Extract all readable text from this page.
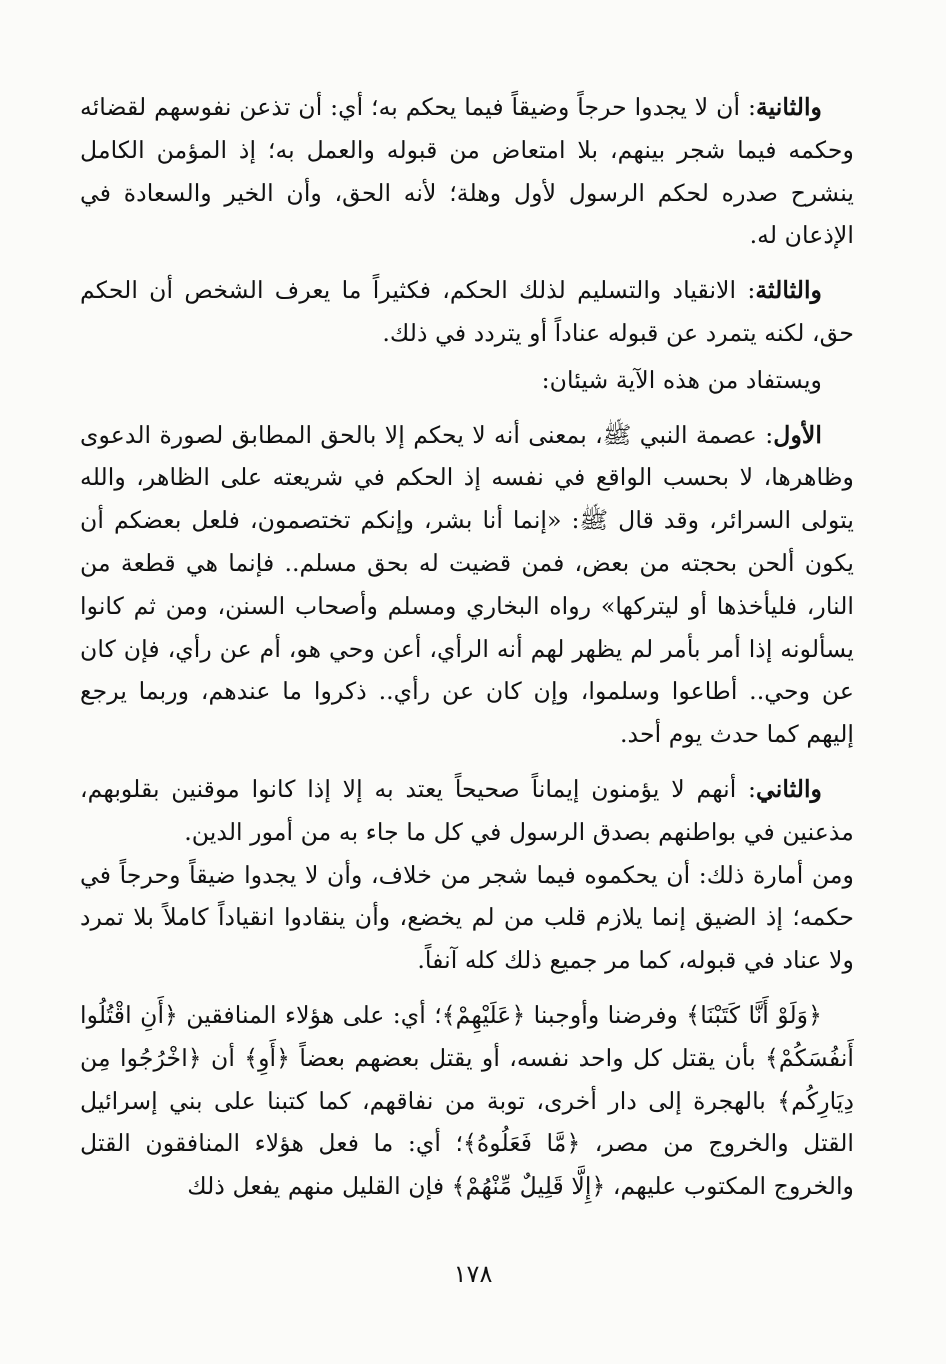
والثانية: أن لا يجدوا حرجاً وضيقاً فيما يحكم به؛ أي: أن تذعن نفوسهم لقضائه وحكمه فيما شجر بينهم، بلا امتعاض من قبوله والعمل به؛ إذ المؤمن الكامل ينشرح صدره لحكم الرسول لأول وهلة؛ لأنه الحق، وأن الخير والسعادة في الإذعان له.

والثالثة: الانقياد والتسليم لذلك الحكم، فكثيراً ما يعرف الشخص أن الحكم حق، لكنه يتمرد عن قبوله عناداً أو يتردد في ذلك.

ويستفاد من هذه الآية شيئان:

الأول: عصمة النبي ﷺ، بمعنى أنه لا يحكم إلا بالحق المطابق لصورة الدعوى وظاهرها، لا بحسب الواقع في نفسه إذ الحكم في شريعته على الظاهر، والله يتولى السرائر، وقد قال ﷺ: «إنما أنا بشر، وإنكم تختصمون، فلعل بعضكم أن يكون ألحن بحجته من بعض، فمن قضيت له بحق مسلم.. فإنما هي قطعة من النار، فليأخذها أو ليتركها» رواه البخاري ومسلم وأصحاب السنن، ومن ثم كانوا يسألونه إذا أمر بأمر لم يظهر لهم أنه الرأي، أعن وحي هو، أم عن رأي، فإن كان عن وحي.. أطاعوا وسلموا، وإن كان عن رأي.. ذكروا ما عندهم، وربما يرجع إليهم كما حدث يوم أحد.

والثاني: أنهم لا يؤمنون إيماناً صحيحاً يعتد به إلا إذا كانوا موقنين بقلوبهم، مذعنين في بواطنهم بصدق الرسول في كل ما جاء به من أمور الدين.

ومن أمارة ذلك: أن يحكموه فيما شجر من خلاف، وأن لا يجدوا ضيقاً وحرجاً في حكمه؛ إذ الضيق إنما يلازم قلب من لم يخضع، وأن ينقادوا انقياداً كاملاً بلا تمرد ولا عناد في قبوله، كما مر جميع ذلك كله آنفاً.

﴿وَلَوْ أَنَّا كَتَبْنَا﴾ وفرضنا وأوجبنا ﴿عَلَيْهِمْ﴾؛ أي: على هؤلاء المنافقين ﴿أَنِ اقْتُلُوا أَنفُسَكُمْ﴾ بأن يقتل كل واحد نفسه، أو يقتل بعضهم بعضاً ﴿أَوِ﴾ أن ﴿اخْرُجُوا مِن دِيَارِكُم﴾ بالهجرة إلى دار أخرى، توبة من نفاقهم، كما كتبنا على بني إسرائيل القتل والخروج من مصر، ﴿مَّا فَعَلُوهُ﴾؛ أي: ما فعل هؤلاء المنافقون القتل والخروج المكتوب عليهم، ﴿إِلَّا قَلِيلٌ مِّنْهُمْ﴾ فإن القليل منهم يفعل ذلك

١٧٨
